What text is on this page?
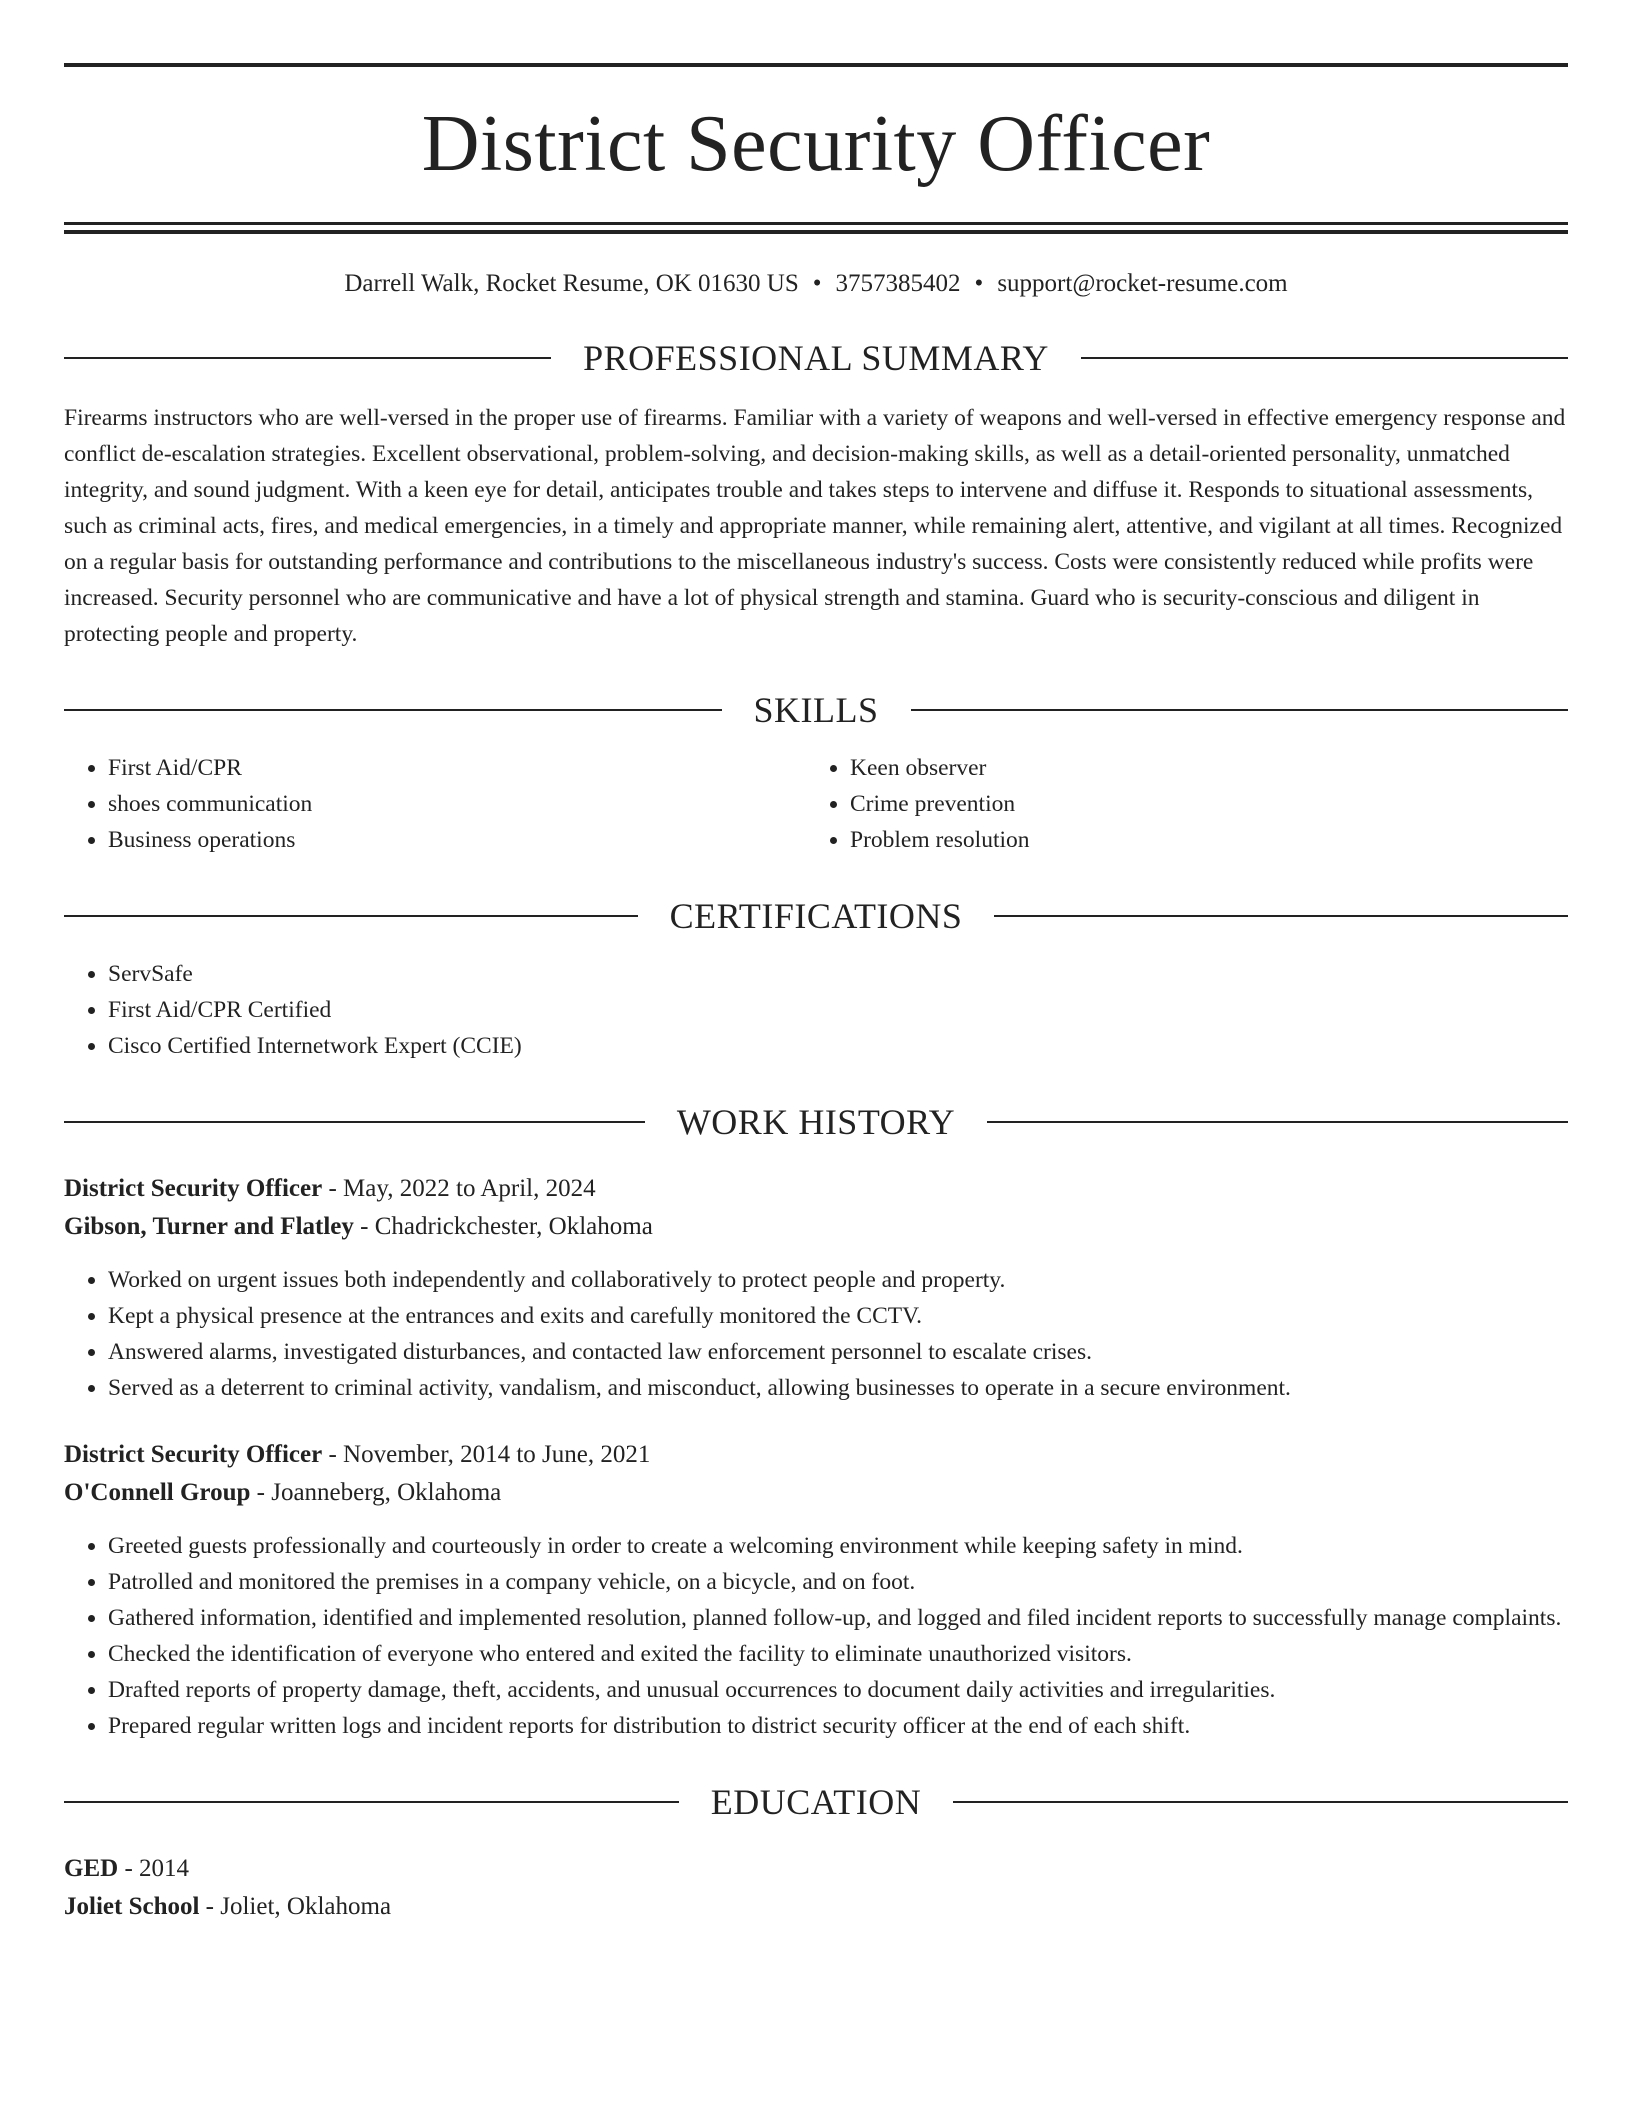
District Security Officer
Darrell Walk, Rocket Resume, OK 01630 US • 3757385402 • support@rocket-resume.com
PROFESSIONAL SUMMARY

Firearms instructors who are well-versed in the proper use of firearms. Familiar with a variety of weapons and well-versed in effective emergency response and conflict de-escalation strategies. Excellent observational, problem-solving, and decision-making skills, as well as a detail-oriented personality, unmatched integrity, and sound judgment. With a keen eye for detail, anticipates trouble and takes steps to intervene and diffuse it. Responds to situational assessments, such as criminal acts, fires, and medical emergencies, in a timely and appropriate manner, while remaining alert, attentive, and vigilant at all times. Recognized on a regular basis for outstanding performance and contributions to the miscellaneous industry's success. Costs were consistently reduced while profits were increased. Security personnel who are communicative and have a lot of physical strength and stamina. Guard who is security-conscious and diligent in protecting people and property.

SKILLS
• First Aid/CPR
• shoes communication
• Business operations
• Keen observer
• Crime prevention
• Problem resolution
CERTIFICATIONS
• ServSafe
• First Aid/CPR Certified
• Cisco Certified Internetwork Expert (CCIE)
WORK HISTORY
District Security Officer - May, 2022 to April, 2024
Gibson, Turner and Flatley - Chadrickchester, Oklahoma
• Worked on urgent issues both independently and collaboratively to protect people and property.
• Kept a physical presence at the entrances and exits and carefully monitored the CCTV.
• Answered alarms, investigated disturbances, and contacted law enforcement personnel to escalate crises.
• Served as a deterrent to criminal activity, vandalism, and misconduct, allowing businesses to operate in a secure environment.
District Security Officer - November, 2014 to June, 2021
O'Connell Group - Joanneberg, Oklahoma
• Greeted guests professionally and courteously in order to create a welcoming environment while keeping safety in mind.
• Patrolled and monitored the premises in a company vehicle, on a bicycle, and on foot.
• Gathered information, identified and implemented resolution, planned follow-up, and logged and filed incident reports to successfully manage complaints.
• Checked the identification of everyone who entered and exited the facility to eliminate unauthorized visitors.
• Drafted reports of property damage, theft, accidents, and unusual occurrences to document daily activities and irregularities.
• Prepared regular written logs and incident reports for distribution to district security officer at the end of each shift.
EDUCATION
GED - 2014
Joliet School - Joliet, Oklahoma
